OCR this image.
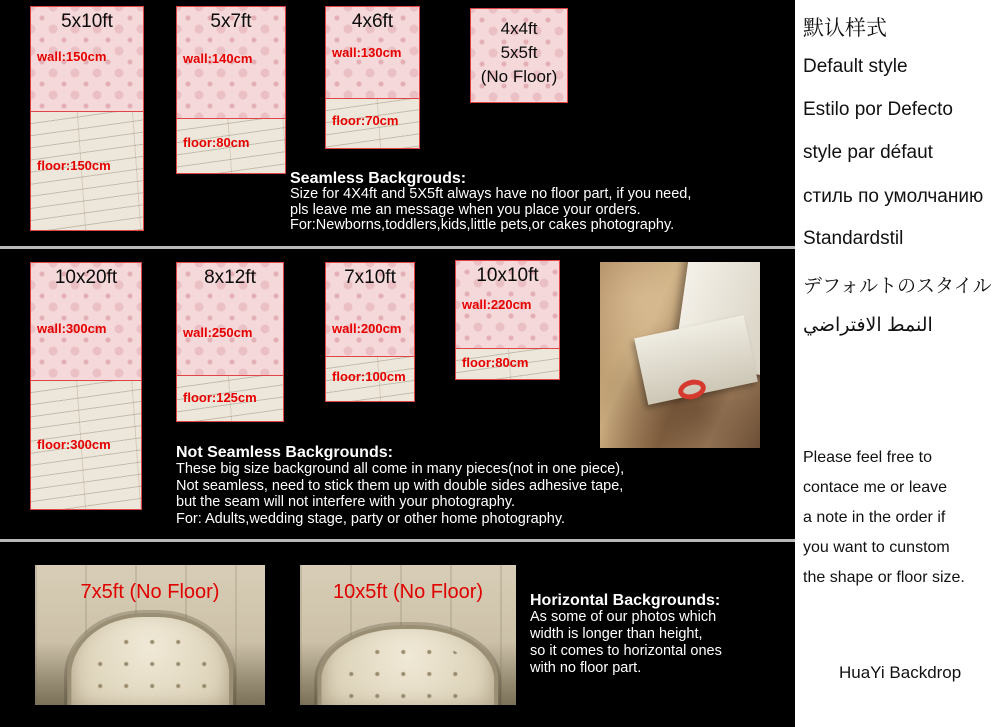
5x10ft
wall:150cm
floor:150cm
5x7ft
wall:140cm
floor:80cm
4x6ft
wall:130cm
floor:70cm
4x4ft
5x5ft
(No Floor)
Seamless Backgrouds:
Size for 4X4ft and 5X5ft always have no floor part, if you need,
pls leave me an message when you place your orders.
For:Newborns,toddlers,kids,little pets,or cakes photography.
10x20ft
wall:300cm
floor:300cm
8x12ft
wall:250cm
floor:125cm
7x10ft
wall:200cm
floor:100cm
10x10ft
wall:220cm
floor:80cm
Not Seamless Backgrounds:
These big size background all come in many pieces(not in one piece),
Not seamless, need to stick them up with double sides adhesive tape,
but the seam will not interfere with your photography.
For: Adults,wedding stage, party or other home photography.
7x5ft (No Floor)	10x5ft (No Floor)	Horizontal Backgrounds:
As some of our photos which
width is longer than height,
so it comes to horizontal ones
with no floor part.
默认样式
Default style
Estilo por Defecto
style par défaut
стиль по умолчанию
Standardstil
デフォルトのスタイル
النمط الافتراضي
Please feel free to
contace me or leave
a note in the order if
you want to cunstom
the shape or floor size.
HuaYi Backdrop
